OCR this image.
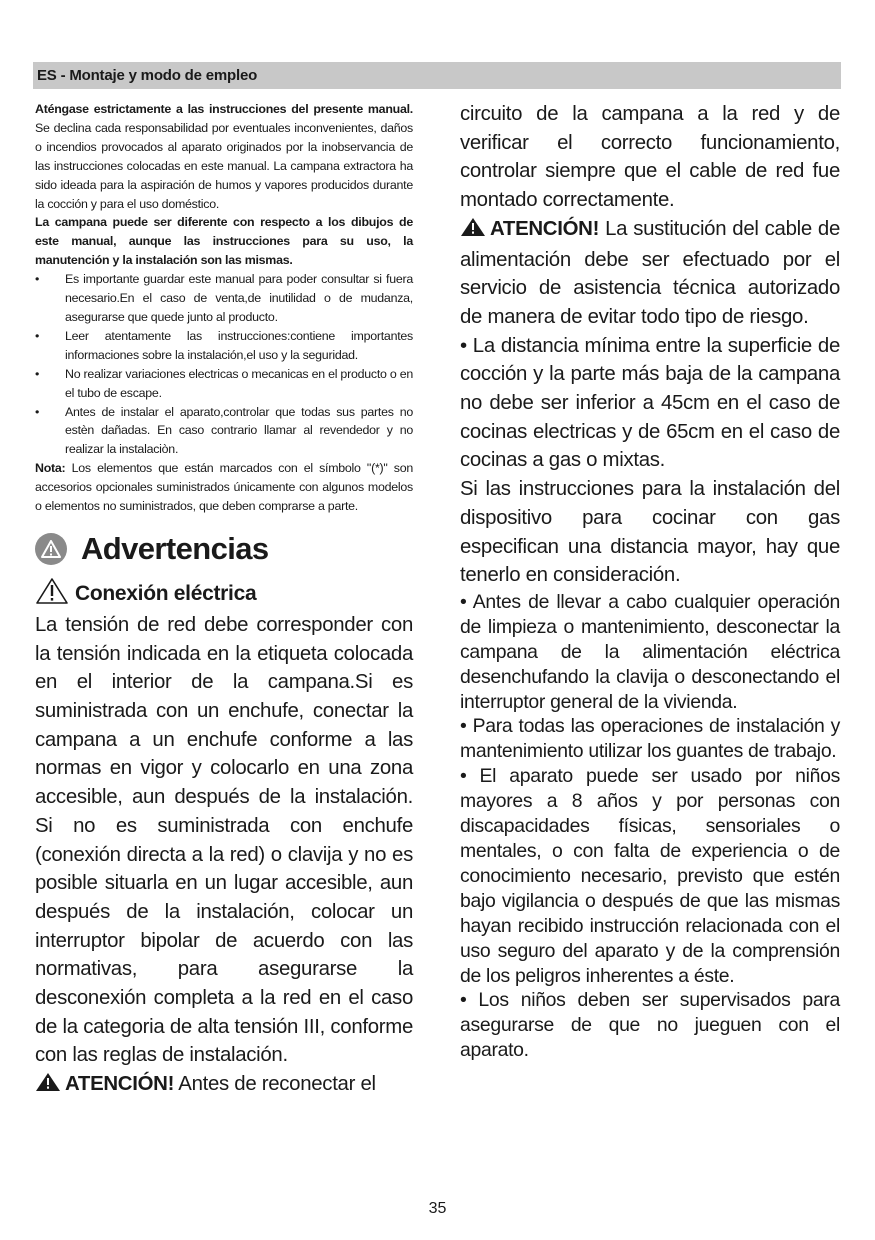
ES - Montaje y modo de empleo

Aténgase estrictamente a las instrucciones del presente manual. Se declina cada responsabilidad por eventuales inconvenientes, daños o incendios provocados al aparato originados por la inobservancia de las instrucciones colocadas en este manual. La campana extractora ha sido ideada para la aspiración de humos y vapores producidos durante la cocción y para el uso doméstico.

La campana puede ser diferente con respecto a los dibujos de este manual, aunque las instrucciones para su uso, la manutención y la instalación son las mismas.

• Es importante guardar este manual para poder consultar si fuera necesario.En el caso de venta,de inutilidad o de mudanza, asegurarse que quede junto al producto.
• Leer atentamente las instrucciones:contiene importantes informaciones sobre la instalación,el uso y la seguridad.
• No realizar variaciones electricas o mecanicas en el producto o en el tubo de escape.
• Antes de instalar el aparato,controlar que todas sus partes no estèn dañadas. En caso contrario llamar al revendedor y no realizar la instalaciòn.

Nota: Los elementos que están marcados con el símbolo "(*)" son accesorios opcionales suministrados únicamente con algunos modelos o elementos no suministrados, que deben comprarse a parte.

Advertencias
Conexión eléctrica

La tensión de red debe corresponder con la tensión indicada en la etiqueta colocada en el interior de la campana.Si es suministrada con un enchufe, conectar la campana a un enchufe conforme a las normas en vigor y colocarlo en una zona accesible, aun después de la instalación. Si no es suministrada con enchufe (conexión directa a la red) o clavija y no es posible situarla en un lugar accesible, aun después de la instalación, colocar un interruptor bipolar de acuerdo con las normativas, para asegurarse la desconexión completa a la red en el caso de la categoria de alta tensión III, conforme con las reglas de instalación.

ATENCIÓN! Antes de reconectar el

circuito de la campana a la red y de verificar el correcto funcionamiento, controlar siempre que el cable de red fue montado correctamente.

ATENCIÓN! La sustitución del cable de alimentación debe ser efectuado por el servicio de asistencia técnica autorizado de manera de evitar todo tipo de riesgo.

• La distancia mínima entre la superficie de cocción y la parte más baja de la campana no debe ser inferior a 45cm en el caso de cocinas electricas y de 65cm en el caso de cocinas a gas o mixtas.

Si las instrucciones para la instalación del dispositivo para cocinar con gas especifican una distancia mayor, hay que tenerlo en consideración.

• Antes de llevar a cabo cualquier operación de limpieza o mantenimiento, desconectar la campana de la alimentación eléctrica desenchufando la clavija o desconectando el interruptor general de la vivienda.

• Para todas las operaciones de instalación y mantenimiento utilizar los guantes de trabajo.

• El aparato puede ser usado por niños mayores a 8 años y por personas con discapacidades físicas, sensoriales o mentales, o con falta de experiencia o de conocimiento necesario, previsto que estén bajo vigilancia o después de que las mismas hayan recibido instrucción relacionada con el uso seguro del aparato y de la comprensión de los peligros inherentes a éste.

• Los niños deben ser supervisados para asegurarse de que no jueguen con el aparato.

35
